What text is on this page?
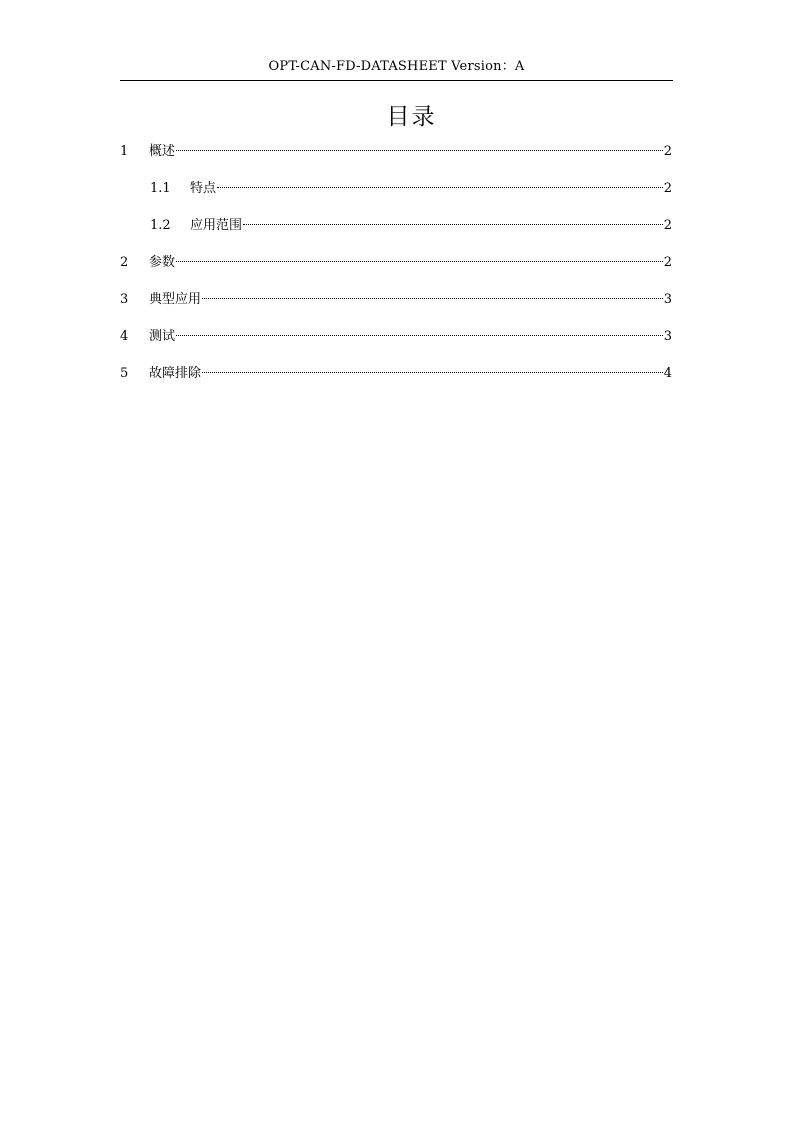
OPT-CAN-FD-DATASHEET Version：A
目录
1	概述	2
1.1	特点	2
1.2	应用范围	2
2	参数	2
3	典型应用	3
4	测试	3
5	故障排除	4
